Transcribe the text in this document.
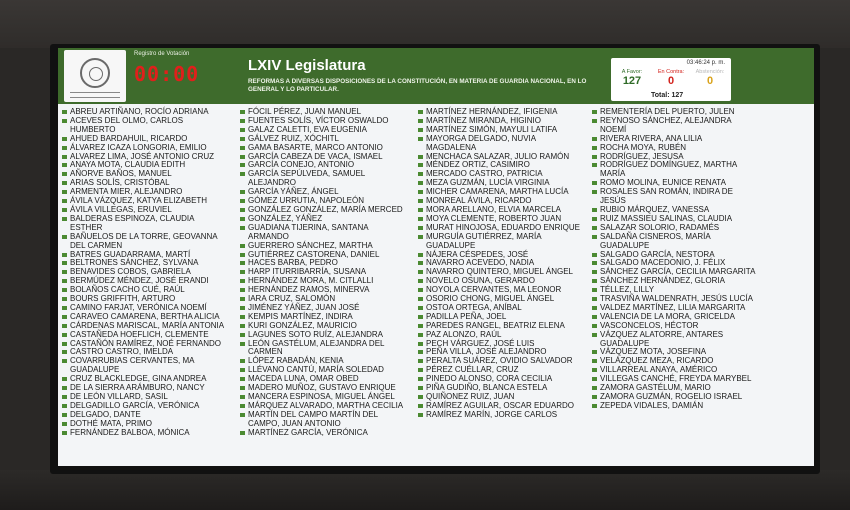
Registro de Votación
00:00	LXIV Legislatura
REFORMAS A DIVERSAS DISPOSICIONES DE LA CONSTITUCIÓN, EN MATERIA DE GUARDIA NACIONAL, EN LO GENERAL Y LO PARTICULAR.
03:46:24 p. m.
A Favor:
127
En Contra:
0
Abstención:
0
Total: 127
ABREU ARTIÑANO, ROCÍO ADRIANA
ACEVES DEL OLMO, CARLOS
HUMBERTO
AHUED BARDAHUIL, RICARDO
ÁLVAREZ ICAZA LONGORIA, EMILIO
ALVAREZ LIMA, JOSÉ ANTONIO CRUZ
ANAYA MOTA, CLAUDIA EDITH
AÑORVE BAÑOS, MANUEL
ARIAS SOLÍS, CRISTÓBAL
ARMENTA MIER, ALEJANDRO
ÁVILA VÁZQUEZ, KATYA ELIZABETH
ÁVILA VILLEGAS, ERUVIEL
BALDERAS ESPINOZA, CLAUDIA
ESTHER
BAÑUELOS DE LA TORRE, GEOVANNA
DEL CARMEN
BATRES GUADARRAMA, MARTÍ
BELTRONES SÁNCHEZ, SYLVANA
BENAVIDES COBOS, GABRIELA
BERMÚDEZ MÉNDEZ, JOSÉ ERANDI
BOLAÑOS CACHO CUÉ, RAÚL
BOURS GRIFFITH, ARTURO
CAMINO FARJAT, VERÓNICA NOEMÍ
CARAVEO CAMARENA, BERTHA ALICIA
CÁRDENAS MARISCAL, MARÍA ANTONIA
CASTAÑEDA HOEFLICH, CLEMENTE
CASTAÑÓN RAMÍREZ, NOÉ FERNANDO
CASTRO CASTRO, IMELDA
COVARRUBIAS CERVANTES, MA
GUADALUPE
CRUZ BLACKLEDGE, GINA ANDREA
DE LA SIERRA ARÁMBURO, NANCY
DE LEÓN VILLARD, SASIL
DELGADILLO GARCÍA, VERÓNICA
DELGADO, DANTE
DOTHÉ MATA, PRIMO
FERNÁNDEZ BALBOA, MÓNICA
FÓCIL PÉREZ, JUAN MANUEL
FUENTES SOLÍS, VÍCTOR OSWALDO
GALAZ CALETTI, EVA EUGENIA
GÁLVEZ RUIZ, XÓCHITL
GAMA BASARTE, MARCO ANTONIO
GARCÍA CABEZA DE VACA, ISMAEL
GARCÍA CONEJO, ANTONIO
GARCÍA SEPÚLVEDA, SAMUEL
ALEJANDRO
GARCÍA YÁÑEZ, ÁNGEL
GÓMEZ URRUTIA, NAPOLEÓN
GONZÁLEZ GONZÁLEZ, MARÍA MERCED
GONZÁLEZ, YÁÑEZ
GUADIANA TIJERINA, SANTANA
ARMANDO
GUERRERO SÁNCHEZ, MARTHA
GUTIÉRREZ CASTORENA, DANIEL
HACES BARBA, PEDRO
HARP ITURRIBARRÍA, SUSANA
HERNÁNDEZ MORA, M. CITLALLI
HERNÁNDEZ RAMOS, MINERVA
IARA CRUZ, SALOMÓN
JIMÉNEZ YÁÑEZ, JUAN JOSÉ
KEMPIS MARTÍNEZ, INDIRA
KURI GONZÁLEZ, MAURICIO
LAGUNES SOTO RUÍZ, ALEJANDRA
LEÓN GASTÉLUM, ALEJANDRA DEL
CARMEN
LÓPEZ RABADÁN, KENIA
LLÉVANO CANTÚ, MARÍA SOLEDAD
MACEDA LUNA, OMAR OBED
MADERO MUÑOZ, GUSTAVO ENRIQUE
MANCERA ESPINOSA, MIGUEL ÁNGEL
MÁRQUEZ ALVARADO, MARTHA CECILIA
MARTÍN DEL CAMPO MARTÍN DEL
CAMPO, JUAN ANTONIO
MARTÍNEZ GARCÍA, VERÓNICA
MARTÍNEZ HERNÁNDEZ, IFIGENIA
MARTÍNEZ MIRANDA, HIGINIO
MARTÍNEZ SIMÓN, MAYULI LATIFA
MAYORGA DELGADO, NUVIA
MAGDALENA
MENCHACA SALAZAR, JULIO RAMÓN
MÉNDEZ ORTIZ, CASIMIRO
MERCADO CASTRO, PATRICIA
MEZA GUZMÁN, LUCÍA VIRGINIA
MICHER CAMARENA, MARTHA LUCÍA
MONREAL ÁVILA, RICARDO
MORA ARELLANO, ELVIA MARCELA
MOYA CLEMENTE, ROBERTO JUAN
MURAT HINOJOSA, EDUARDO ENRIQUE
MURGUÍA GUTIÉRREZ, MARÍA
GUADALUPE
NÁJERA CÉSPEDES, JOSÉ
NAVARRO ACEVEDO, NADIA
NAVARRO QUINTERO, MIGUEL ÁNGEL
NOVELO OSUNA, GERARDO
NOYOLA CERVANTES, MA LEONOR
OSORIO CHONG, MIGUEL ÁNGEL
OSTOA ORTEGA, ANÍBAL
PADILLA PEÑA, JOEL
PAREDES RANGEL, BEATRIZ ELENA
PAZ ALONZO, RAÚL
PECH VÁRGUEZ, JOSÉ LUIS
PEÑA VILLA, JOSÉ ALEJANDRO
PERALTA SUÁREZ, OVIDIO SALVADOR
PÉREZ CUÉLLAR, CRUZ
PINEDO ALONSO, CORA CECILIA
PIÑA GUDIÑO, BLANCA ESTELA
QUIÑONEZ RUIZ, JUAN
RAMÍREZ AGUILAR, OSCAR EDUARDO
RAMÍREZ MARÍN, JORGE CARLOS
REMENTERÍA DEL PUERTO, JULEN
REYNOSO SÁNCHEZ, ALEJANDRA
NOEMÍ
RIVERA RIVERA, ANA LILIA
ROCHA MOYA, RUBÉN
RODRÍGUEZ, JESUSA
RODRÍGUEZ DOMÍNGUEZ, MARTHA
MARÍA
ROMO MOLINA, EUNICE RENATA
ROSALES SAN ROMÁN, INDIRA DE
JESÚS
RUBIO MÁRQUEZ, VANESSA
RUIZ MASSIEU SALINAS, CLAUDIA
SALAZAR SOLORIO, RADAMÉS
SALDAÑA CISNEROS, MARÍA
GUADALUPE
SALGADO GARCÍA, NESTORA
SALGADO MACEDONIO, J. FÉLIX
SÁNCHEZ GARCÍA, CECILIA MARGARITA
SÁNCHEZ HERNÁNDEZ, GLORIA
TÉLLEZ, LILLY
TRASVIÑA WALDENRATH, JESÚS LUCÍA
VALDEZ MARTÍNEZ, LILIA MARGARITA
VALENCIA DE LA MORA, GRICELDA
VASCONCELOS, HÉCTOR
VÁZQUEZ ALATORRE, ANTARES
GUADALUPE
VÁZQUEZ MOTA, JOSEFINA
VELÁZQUEZ MEZA, RICARDO
VILLARREAL ANAYA, AMÉRICO
VILLEGAS CANCHÉ, FREYDA MARYBEL
ZAMORA GASTÉLUM, MARIO
ZAMORA GUZMÁN, ROGELIO ISRAEL
ZEPEDA VIDALES, DAMIÁN
